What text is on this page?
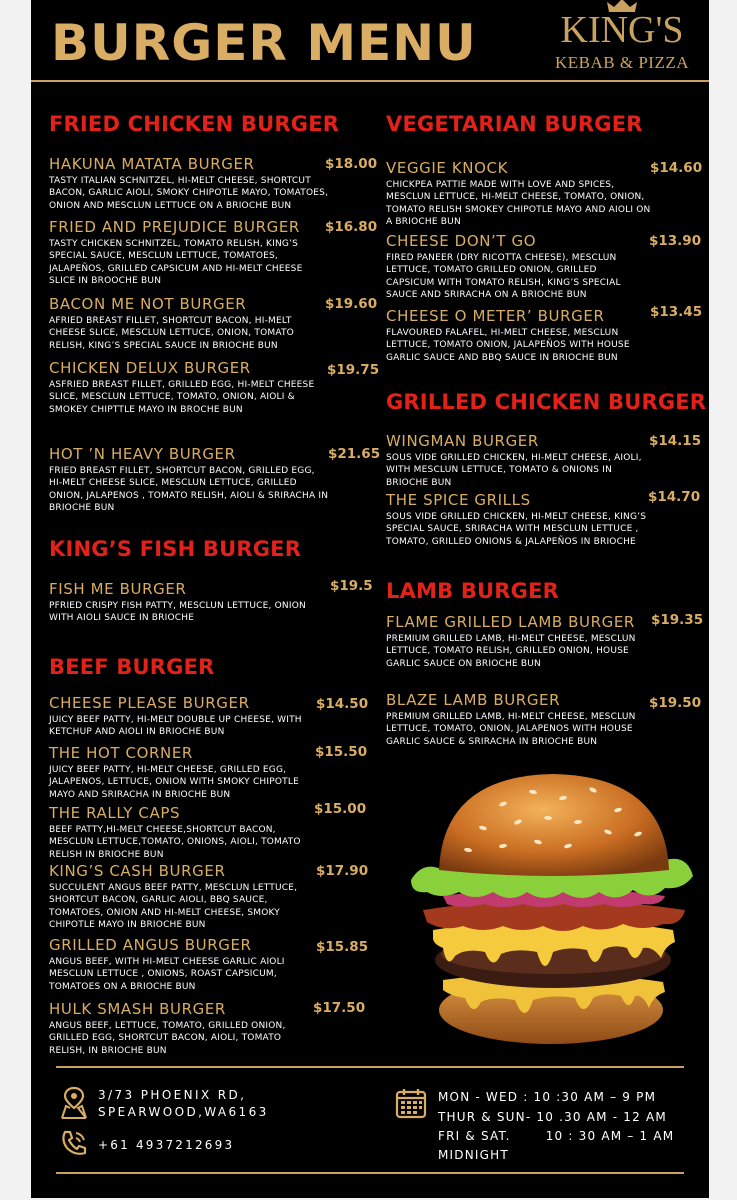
BURGER MENU	KING'S
KEBAB & PIZZA
FRIED CHICKEN BURGER
KING’S FISH BURGER
BEEF BURGER
VEGETARIAN BURGER
GRILLED CHICKEN BURGER
LAMB BURGER
HAKUNA MATATA BURGER
TASTY ITALIAN SCHNITZEL, HI-MELT CHEESE, SHORTCUT BACON, GARLIC AIOLI, SMOKY CHIPOTLE MAYO, TOMATOES, ONION AND MESCLUN LETTUCE ON A BRIOCHE BUN
$18.00
FRIED AND PREJUDICE BURGER
TASTY CHICKEN SCHNITZEL, TOMATO RELISH, KING’S SPECIAL SAUCE, MESCLUN LETTUCE, TOMATOES, JALAPEÑOS, GRILLED CAPSICUM AND HI-MELT CHEESE SLICE IN BROOCHE BUN
$16.80
BACON ME NOT BURGER
AFRIED BREAST FILLET, SHORTCUT BACON, HI-MELT CHEESE SLICE, MESCLUN LETTUCE, ONION, TOMATO RELISH, KING’S SPECIAL SAUCE IN BRIOCHE BUN
$19.60
CHICKEN DELUX BURGER
ASFRIED BREAST FILLET, GRILLED EGG, HI-MELT CHEESE SLICE, MESCLUN LETTUCE, TOMATO, ONION, AIOLI & SMOKEY CHIPTTLE MAYO IN BROCHE BUN
$19.75
HOT ’N HEAVY BURGER
FRIED BREAST FILLET, SHORTCUT BACON, GRILLED EGG, HI-MELT CHEESE SLICE, MESCLUN LETTUCE, GRILLED ONION, JALAPENOS , TOMATO RELISH, AIOLI & SRIRACHA IN BRIOCHE BUN
$21.65
FISH ME BURGER
PFRIED CRISPY FISH PATTY, MESCLUN LETTUCE, ONION WITH AIOLI SAUCE IN BRIOCHE
$19.5
CHEESE PLEASE BURGER
JUICY BEEF PATTY, HI-MELT DOUBLE UP CHEESE, WITH KETCHUP AND AIOLI IN BRIOCHE BUN
$14.50
THE HOT CORNER
JUICY BEEF PATTY, HI-MELT CHEESE, GRILLED EGG, JALAPENOS, LETTUCE, ONION WITH SMOKY CHIPOTLE MAYO AND SRIRACHA IN BRIOCHE BUN
$15.50
THE RALLY CAPS
BEEF PATTY,HI-MELT CHEESE,SHORTCUT BACON, MESCLUN LETTUCE,TOMATO, ONIONS, AIOLI, TOMATO RELISH IN BRIOCHE BUN
$15.00
KING’S CASH BURGER
SUCCULENT ANGUS BEEF PATTY, MESCLUN LETTUCE, SHORTCUT BACON, GARLIC AIOLI, BBQ SAUCE, TOMATOES, ONION AND HI-MELT CHEESE, SMOKY CHIPOTLE MAYO IN BRIOCHE BUN
$17.90
GRILLED ANGUS BURGER
ANGUS BEEF, WITH HI-MELT CHEESE GARLIC AIOLI MESCLUN LETTUCE , ONIONS, ROAST CAPSICUM, TOMATOES ON A BRIOCHE BUN
$15.85
HULK SMASH BURGER
ANGUS BEEF, LETTUCE, TOMATO, GRILLED ONION, GRILLED EGG, SHORTCUT BACON, AIOLI, TOMATO RELISH, IN BRIOCHE BUN
$17.50
VEGGIE KNOCK
CHICKPEA PATTIE MADE WITH LOVE AND SPICES, MESCLUN LETTUCE, HI-MELT CHEESE, TOMATO, ONION, TOMATO RELISH SMOKEY CHIPOTLE MAYO AND AIOLI ON A BRIOCHE BUN
$14.60
CHEESE DON’T GO
FIRED PANEER (DRY RICOTTA CHEESE), MESCLUN LETTUCE, TOMATO GRILLED ONION, GRILLED CAPSICUM WITH TOMATO RELISH, KING’S SPECIAL SAUCE AND SRIRACHA ON A BRIOCHE BUN
$13.90
CHEESE O METER’ BURGER
FLAVOURED FALAFEL, HI-MELT CHEESE, MESCLUN LETTUCE, TOMATO ONION, JALAPEÑOS WITH HOUSE GARLIC SAUCE AND BBQ SAUCE IN BRIOCHE BUN
$13.45
WINGMAN BURGER
SOUS VIDE GRILLED CHICKEN, HI-MELT CHEESE, AIOLI, WITH MESCLUN LETTUCE, TOMATO & ONIONS IN BRIOCHE BUN
$14.15
THE SPICE GRILLS
SOUS VIDE GRILLED CHICKEN, HI-MELT CHEESE, KING’S SPECIAL SAUCE, SRIRACHA WITH MESCLUN LETTUCE , TOMATO, GRILLED ONIONS & JALAPEÑOS IN BRIOCHE
$14.70
FLAME GRILLED LAMB BURGER
PREMIUM GRILLED LAMB, HI-MELT CHEESE, MESCLUN LETTUCE, TOMATO RELISH, GRILLED ONION, HOUSE GARLIC SAUCE ON BRIOCHE BUN
$19.35
BLAZE LAMB BURGER
PREMIUM GRILLED LAMB, HI-MELT CHEESE, MESCLUN LETTUCE, TOMATO, ONION, JALAPENOS WITH HOUSE GARLIC SAUCE & SRIRACHA IN BRIOCHE BUN
$19.50
3/73 PHOENIX RD,
SPEARWOOD,WA6163
+61 4937212693
MON - WED : 10 :30 AM – 9 PM
THUR & SUN- 10 .30 AM - 12 AM
FRI & SAT.       10 : 30 AM – 1 AM
MIDNIGHT
